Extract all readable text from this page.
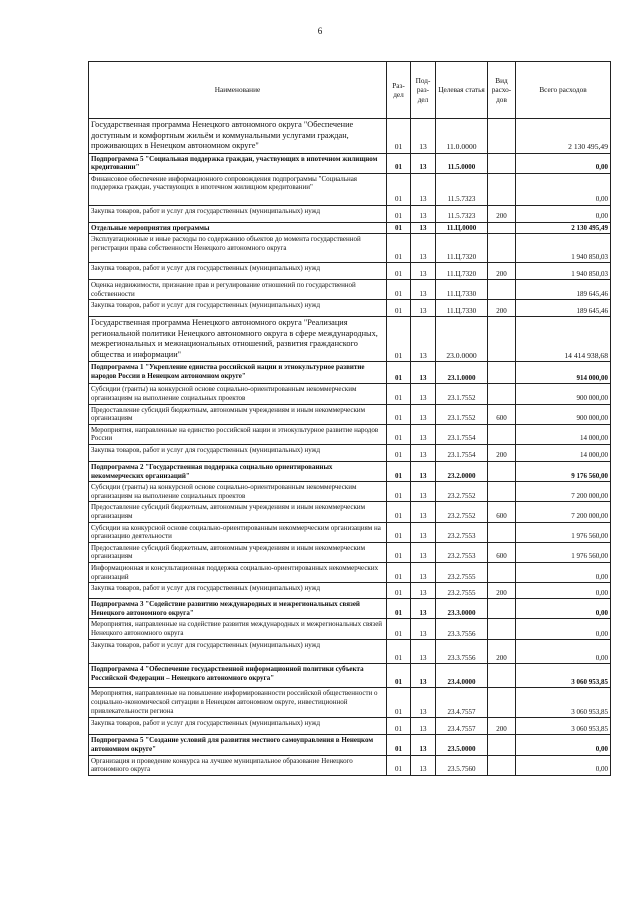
6
Наименование	Раз-дел	Под-раз-дел	Целевая статья	Вид расхо-дов	Всего расходов
Государственная программа Ненецкого автономного округа "Обеспечение доступным и комфортным жильём и коммунальными услугами граждан, проживающих в Ненецком автономном округе"	01	13	11.0.0000		2 130 495,49
Подпрограмма 5 "Социальная поддержка граждан, участвующих в ипотечном жилищном кредитовании"	01	13	11.5.0000		0,00
Финансовое обеспечение информационного сопровождения подпрограммы "Социальная поддержка граждан, участвующих в ипотечном жилищном кредитовании"	01	13	11.5.7323		0,00
Закупка товаров, работ и услуг для государственных (муниципальных) нужд	01	13	11.5.7323	200	0,00
Отдельные мероприятия программы	01	13	11.Ц.0000		2 130 495,49
Эксплуатационные и иные расходы по содержанию объектов до момента государственной регистрации права собственности Ненецкого автономного округа	01	13	11.Ц.7320		1 940 850,03
Закупка товаров, работ и услуг для государственных (муниципальных) нужд	01	13	11.Ц.7320	200	1 940 850,03
Оценка недвижимости, признание прав и регулирование отношений по государственной собственности	01	13	11.Ц.7330		189 645,46
Закупка товаров, работ и услуг для государственных (муниципальных) нужд	01	13	11.Ц.7330	200	189 645,46
Государственная программа Ненецкого автономного округа "Реализация региональной политики Ненецкого автономного округа в сфере международных, межрегиональных и межнациональных отношений, развития гражданского общества и информации"	01	13	23.0.0000		14 414 938,68
Подпрограмма 1 "Укрепление единства российской нации и этнокультурное развитие народов России в Ненецком автономном округе"	01	13	23.1.0000		914 000,00
Субсидии (гранты) на конкурсной основе социально-ориентированным некоммерческим организациям на выполнение социальных проектов	01	13	23.1.7552		900 000,00
Предоставление субсидий бюджетным, автономным учреждениям и иным некоммерческим организациям	01	13	23.1.7552	600	900 000,00
Мероприятия, направленные на единство российской нации и этнокультурное развитие народов России	01	13	23.1.7554		14 000,00
Закупка товаров, работ и услуг для государственных (муниципальных) нужд	01	13	23.1.7554	200	14 000,00
Подпрограмма 2 "Государственная поддержка социально ориентированных некоммерческих организаций"	01	13	23.2.0000		9 176 560,00
Субсидии (гранты) на конкурсной основе социально-ориентированным некоммерческим организациям на выполнение социальных проектов	01	13	23.2.7552		7 200 000,00
Предоставление субсидий бюджетным, автономным учреждениям и иным некоммерческим организациям	01	13	23.2.7552	600	7 200 000,00
Субсидии на конкурсной основе социально-ориентированным некоммерческим организациям на организацию деятельности	01	13	23.2.7553		1 976 560,00
Предоставление субсидий бюджетным, автономным учреждениям и иным некоммерческим организациям	01	13	23.2.7553	600	1 976 560,00
Информационная и консультационная поддержка социально-ориентированных некоммерческих организаций	01	13	23.2.7555		0,00
Закупка товаров, работ и услуг для государственных (муниципальных) нужд	01	13	23.2.7555	200	0,00
Подпрограмма 3 "Содействие развитию международных и межрегиональных связей Ненецкого автономного округа"	01	13	23.3.0000		0,00
Мероприятия, направленные на содействие развития международных и межрегиональных связей Ненецкого автономного округа	01	13	23.3.7556		0,00
Закупка товаров, работ и услуг для государственных (муниципальных) нужд	01	13	23.3.7556	200	0,00
Подпрограмма 4 "Обеспечение государственной информационной политики субъекта Российской Федерации – Ненецкого автономного округа"	01	13	23.4.0000		3 060 953,85
Мероприятия, направленные на повышение информированности российской общественности о социально-экономической ситуации в Ненецком автономном округе, инвестиционной привлекательности региона	01	13	23.4.7557		3 060 953,85
Закупка товаров, работ и услуг для государственных (муниципальных) нужд	01	13	23.4.7557	200	3 060 953,85
Подпрограмма 5 "Создание условий для развития местного самоуправления в Ненецком автономном округе"	01	13	23.5.0000		0,00
Организация и проведение конкурса на лучшее муниципальное образование Ненецкого автономного округа	01	13	23.5.7560		0,00
